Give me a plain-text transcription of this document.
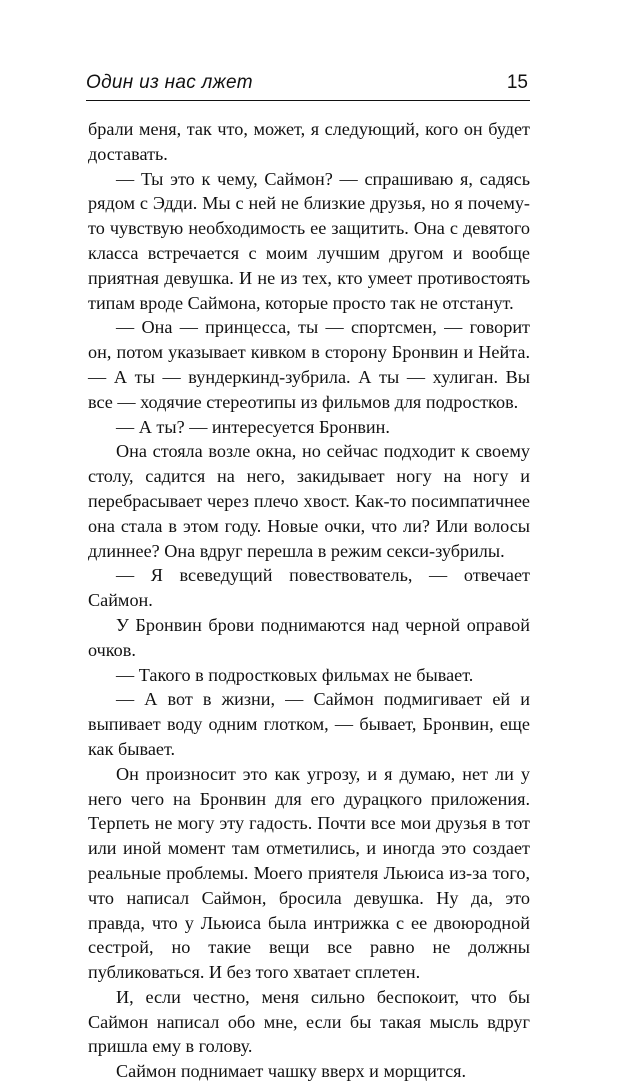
Один из нас лжет	15

брали меня, так что, может, я следующий, кого он будет доставать.

— Ты это к чему, Саймон? — спрашиваю я, садясь рядом с Эдди. Мы с ней не близкие друзья, но я почему-то чувствую необходимость ее защитить. Она с девятого класса встречается с моим лучшим другом и вообще приятная девушка. И не из тех, кто умеет противостоять типам вроде Саймона, которые просто так не отстанут.

— Она — принцесса, ты — спортсмен, — говорит он, потом указывает кивком в сторону Бронвин и Нейта. — А ты — вундеркинд-зубрила. А ты — хулиган. Вы все — ходячие стереотипы из фильмов для подростков.

— А ты? — интересуется Бронвин.

Она стояла возле окна, но сейчас подходит к своему столу, садится на него, закидывает ногу на ногу и перебрасывает через плечо хвост. Как-то посимпатичнее она стала в этом году. Новые очки, что ли? Или волосы длиннее? Она вдруг перешла в режим секси-зубрилы.

— Я всеведущий повествователь, — отвечает Саймон.

У Бронвин брови поднимаются над черной оправой очков.

— Такого в подростковых фильмах не бывает.

— А вот в жизни, — Саймон подмигивает ей и выпивает воду одним глотком, — бывает, Бронвин, еще как бывает.

Он произносит это как угрозу, и я думаю, нет ли у него чего на Бронвин для его дурацкого приложения. Терпеть не могу эту гадость. Почти все мои друзья в тот или иной момент там отметились, и иногда это создает реальные проблемы. Моего приятеля Льюиса из-за того, что написал Саймон, бросила девушка. Ну да, это правда, что у Льюиса была интрижка с ее двоюродной сестрой, но такие вещи все равно не должны публиковаться. И без того хватает сплетен.

И, если честно, меня сильно беспокоит, что бы Саймон написал обо мне, если бы такая мысль вдруг пришла ему в голову.

Саймон поднимает чашку вверх и морщится.
